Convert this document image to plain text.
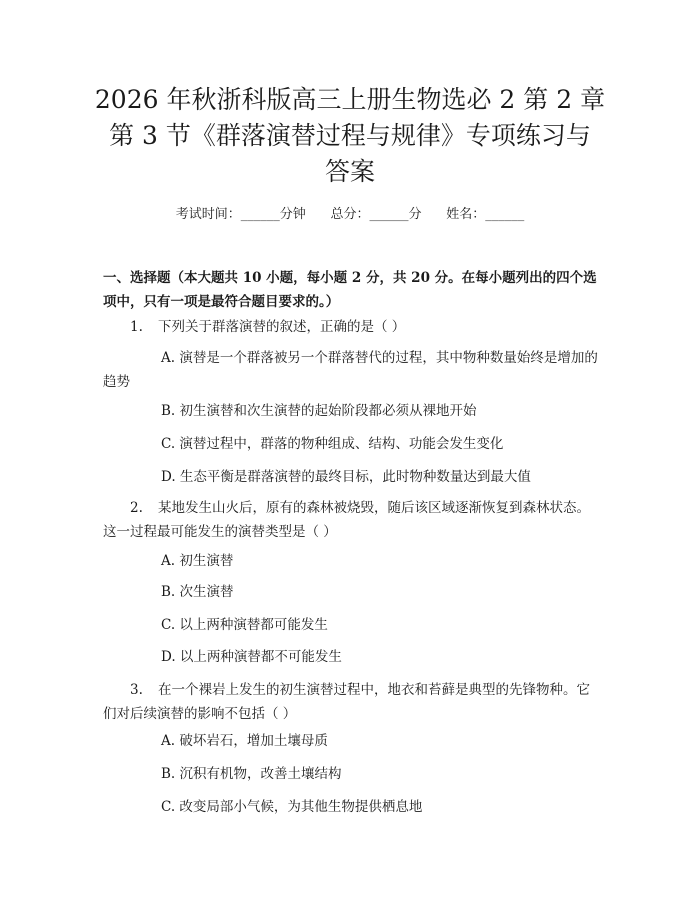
2026 年秋浙科版高三上册生物选必 2 第 2 章
第 3 节《群落演替过程与规律》专项练习与
答案
考试时间：______分钟      总分：______分      姓名：______
一、选择题（本大题共 10 小题，每小题 2 分，共 20 分。在每小题列出的四个选项中，只有一项是最符合题目要求的。）
1. 下列关于群落演替的叙述，正确的是（ ）
A. 演替是一个群落被另一个群落替代的过程，其中物种数量始终是增加的趋势
B. 初生演替和次生演替的起始阶段都必须从裸地开始
C. 演替过程中，群落的物种组成、结构、功能会发生变化
D. 生态平衡是群落演替的最终目标，此时物种数量达到最大值
2. 某地发生山火后，原有的森林被烧毁，随后该区域逐渐恢复到森林状态。这一过程最可能发生的演替类型是（ ）
A. 初生演替
B. 次生演替
C. 以上两种演替都可能发生
D. 以上两种演替都不可能发生
3. 在一个裸岩上发生的初生演替过程中，地衣和苔藓是典型的先锋物种。它们对后续演替的影响不包括（ ）
A. 破坏岩石，增加土壤母质
B. 沉积有机物，改善土壤结构
C. 改变局部小气候，为其他生物提供栖息地
